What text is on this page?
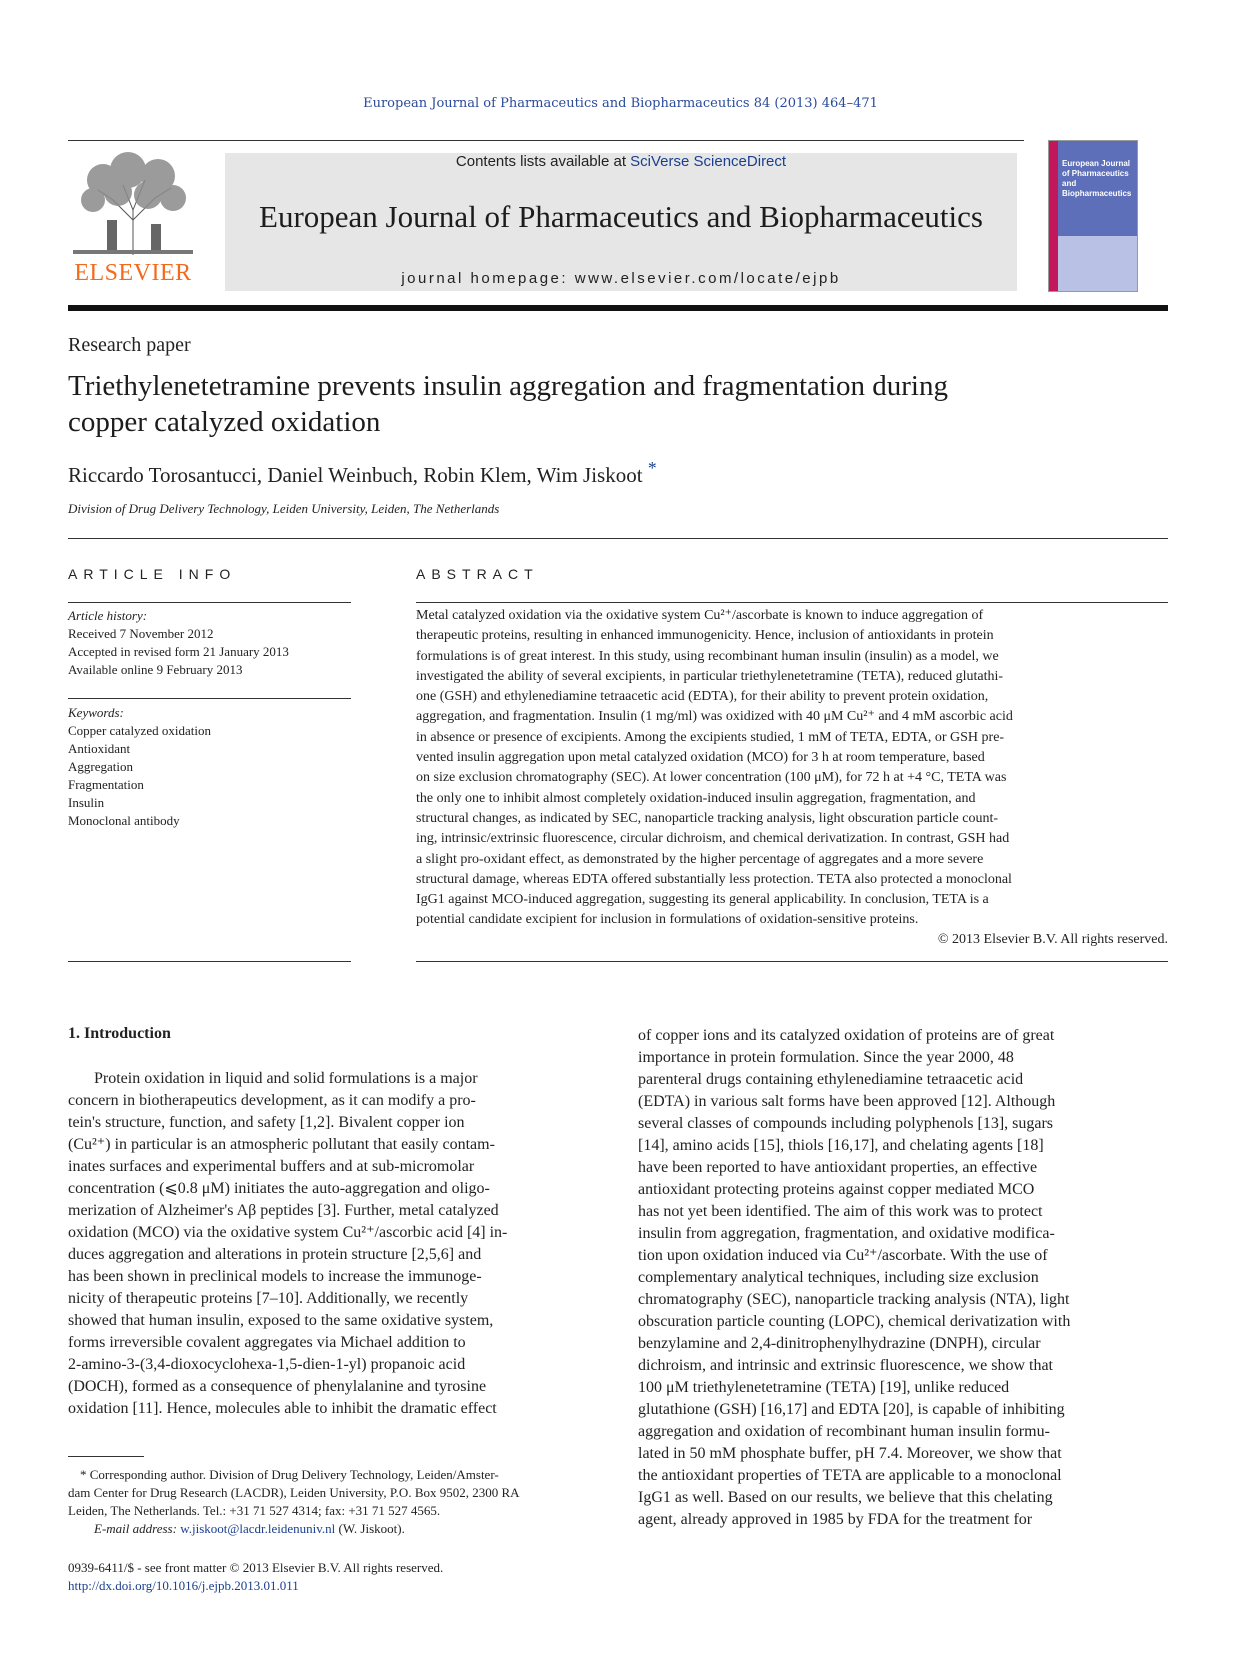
European Journal of Pharmaceutics and Biopharmaceutics 84 (2013) 464–471
ELSEVIER
Contents lists available at SciVerse ScienceDirect
European Journal of Pharmaceutics and Biopharmaceutics
journal homepage: www.elsevier.com/locate/ejpb
European Journal of Pharmaceutics and Biopharmaceutics
Research paper
Triethylenetetramine prevents insulin aggregation and fragmentation during
copper catalyzed oxidation
Riccardo Torosantucci, Daniel Weinbuch, Robin Klem, Wim Jiskoot *
Division of Drug Delivery Technology, Leiden University, Leiden, The Netherlands
ARTICLE INFO
Article history:
Received 7 November 2012
Accepted in revised form 21 January 2013
Available online 9 February 2013
Keywords:
Copper catalyzed oxidation
Antioxidant
Aggregation
Fragmentation
Insulin
Monoclonal antibody
ABSTRACT
Metal catalyzed oxidation via the oxidative system Cu²⁺/ascorbate is known to induce aggregation of
therapeutic proteins, resulting in enhanced immunogenicity. Hence, inclusion of antioxidants in protein
formulations is of great interest. In this study, using recombinant human insulin (insulin) as a model, we
investigated the ability of several excipients, in particular triethylenetetramine (TETA), reduced glutathi-
one (GSH) and ethylenediamine tetraacetic acid (EDTA), for their ability to prevent protein oxidation,
aggregation, and fragmentation. Insulin (1 mg/ml) was oxidized with 40 μM Cu²⁺ and 4 mM ascorbic acid
in absence or presence of excipients. Among the excipients studied, 1 mM of TETA, EDTA, or GSH pre-
vented insulin aggregation upon metal catalyzed oxidation (MCO) for 3 h at room temperature, based
on size exclusion chromatography (SEC). At lower concentration (100 μM), for 72 h at +4 °C, TETA was
the only one to inhibit almost completely oxidation-induced insulin aggregation, fragmentation, and
structural changes, as indicated by SEC, nanoparticle tracking analysis, light obscuration particle count-
ing, intrinsic/extrinsic fluorescence, circular dichroism, and chemical derivatization. In contrast, GSH had
a slight pro-oxidant effect, as demonstrated by the higher percentage of aggregates and a more severe
structural damage, whereas EDTA offered substantially less protection. TETA also protected a monoclonal
IgG1 against MCO-induced aggregation, suggesting its general applicability. In conclusion, TETA is a
potential candidate excipient for inclusion in formulations of oxidation-sensitive proteins.
© 2013 Elsevier B.V. All rights reserved.
1. Introduction
Protein oxidation in liquid and solid formulations is a major
concern in biotherapeutics development, as it can modify a pro-
tein's structure, function, and safety [1,2]. Bivalent copper ion
(Cu²⁺) in particular is an atmospheric pollutant that easily contam-
inates surfaces and experimental buffers and at sub-micromolar
concentration (⩽0.8 μM) initiates the auto-aggregation and oligo-
merization of Alzheimer's Aβ peptides [3]. Further, metal catalyzed
oxidation (MCO) via the oxidative system Cu²⁺/ascorbic acid [4] in-
duces aggregation and alterations in protein structure [2,5,6] and
has been shown in preclinical models to increase the immunoge-
nicity of therapeutic proteins [7–10]. Additionally, we recently
showed that human insulin, exposed to the same oxidative system,
forms irreversible covalent aggregates via Michael addition to
2-amino-3-(3,4-dioxocyclohexa-1,5-dien-1-yl) propanoic acid
(DOCH), formed as a consequence of phenylalanine and tyrosine
oxidation [11]. Hence, molecules able to inhibit the dramatic effect
of copper ions and its catalyzed oxidation of proteins are of great
importance in protein formulation. Since the year 2000, 48
parenteral drugs containing ethylenediamine tetraacetic acid
(EDTA) in various salt forms have been approved [12]. Although
several classes of compounds including polyphenols [13], sugars
[14], amino acids [15], thiols [16,17], and chelating agents [18]
have been reported to have antioxidant properties, an effective
antioxidant protecting proteins against copper mediated MCO
has not yet been identified. The aim of this work was to protect
insulin from aggregation, fragmentation, and oxidative modifica-
tion upon oxidation induced via Cu²⁺/ascorbate. With the use of
complementary analytical techniques, including size exclusion
chromatography (SEC), nanoparticle tracking analysis (NTA), light
obscuration particle counting (LOPC), chemical derivatization with
benzylamine and 2,4-dinitrophenylhydrazine (DNPH), circular
dichroism, and intrinsic and extrinsic fluorescence, we show that
100 μM triethylenetetramine (TETA) [19], unlike reduced
glutathione (GSH) [16,17] and EDTA [20], is capable of inhibiting
aggregation and oxidation of recombinant human insulin formu-
lated in 50 mM phosphate buffer, pH 7.4. Moreover, we show that
the antioxidant properties of TETA are applicable to a monoclonal
IgG1 as well. Based on our results, we believe that this chelating
agent, already approved in 1985 by FDA for the treatment for
* Corresponding author. Division of Drug Delivery Technology, Leiden/Amster-
dam Center for Drug Research (LACDR), Leiden University, P.O. Box 9502, 2300 RA
Leiden, The Netherlands. Tel.: +31 71 527 4314; fax: +31 71 527 4565.
E-mail address: w.jiskoot@lacdr.leidenuniv.nl (W. Jiskoot).
0939-6411/$ - see front matter © 2013 Elsevier B.V. All rights reserved.
http://dx.doi.org/10.1016/j.ejpb.2013.01.011
